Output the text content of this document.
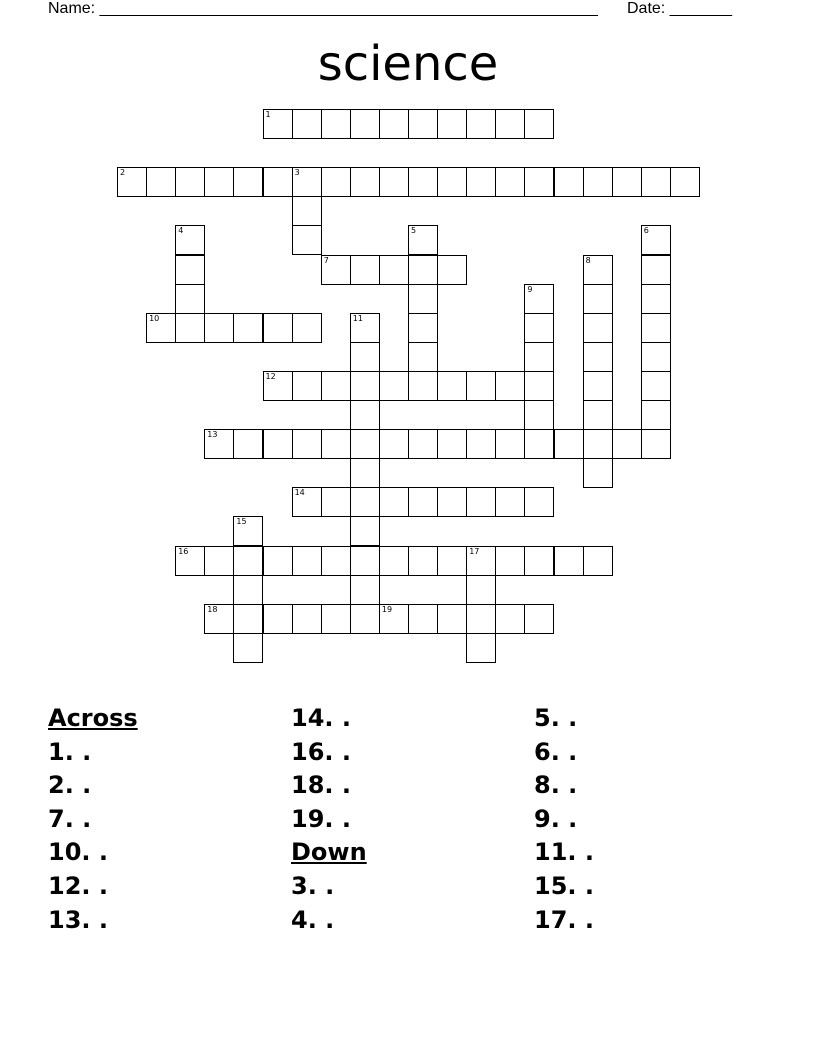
Name: ________________________________________________________ Date: _______
science
1
2	3
4	5	6
7	8
9
10	11
12
13
14
15
16	17
18	19
Across
1. .
2. .
7. .
10. .
12. .
13. .
14. .
16. .
18. .
19. .
Down
3. .
4. .
5. .
6. .
8. .
9. .
11. .
15. .
17. .
